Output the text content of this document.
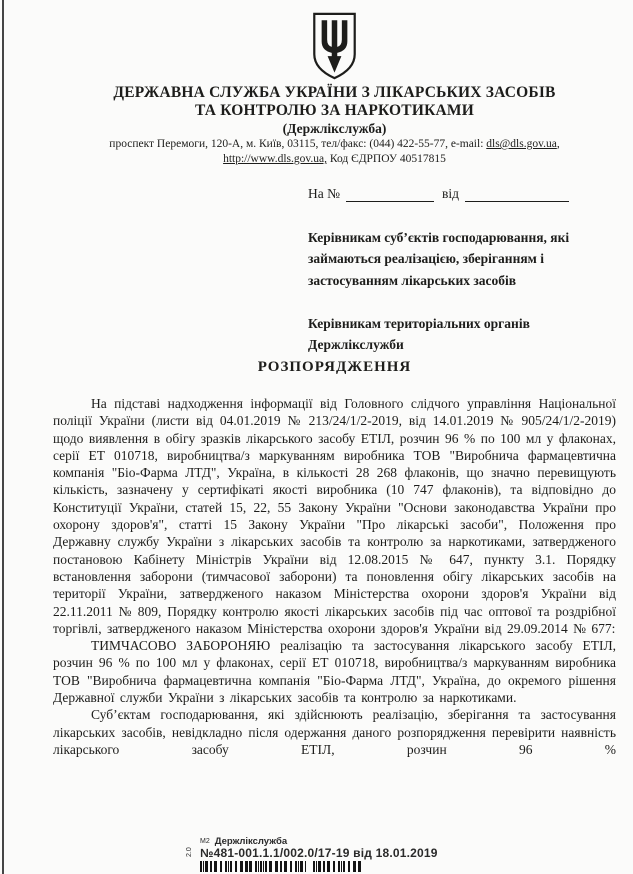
ДЕРЖАВНА СЛУЖБА УКРАЇНИ З ЛІКАРСЬКИХ ЗАСОБІВ
ТА КОНТРОЛЮ ЗА НАРКОТИКАМИ
(Держлікслужба)
проспект Перемоги, 120-А, м. Київ, 03115, тел/факс: (044) 422-55-77, e-mail: dls@dls.gov.ua,
http://www.dls.gov.ua, Код ЄДРПОУ 40517815
На №	від

Керівникам суб’єктів господарювання, які займаються реалізацією, зберіганням і застосуванням лікарських засобів

Керівникам територіальних органів Держлікслужби

РОЗПОРЯДЖЕННЯ

На підставі надходження інформації від Головного слідчого управління Національної поліції України (листи від 04.01.2019 № 213/24/1/2-2019, від 14.01.2019 № 905/24/1/2-2019) щодо виявлення в обігу зразків лікарського засобу ЕТІЛ, розчин 96 % по 100 мл у флаконах, серії ЕТ 010718, виробництва/з маркуванням виробника ТОВ "Виробнича фармацевтична компанія "Біо-Фарма ЛТД", Україна, в кількості 28 268 флаконів, що значно перевищують кількість, зазначену у сертифікаті якості виробника (10 747 флаконів), та відповідно до Конституції України, статей 15, 22, 55 Закону України "Основи законодавства України про охорону здоров'я", статті 15 Закону України "Про лікарські засоби", Положення про Державну службу України з лікарських засобів та контролю за наркотиками, затвердженого постановою Кабінету Міністрів України від 12.08.2015 № 647, пункту 3.1. Порядку встановлення заборони (тимчасової заборони) та поновлення обігу лікарських засобів на території України, затвердженого наказом Міністерства охорони здоров'я України від 22.11.2011 № 809, Порядку контролю якості лікарських засобів під час оптової та роздрібної торгівлі, затвердженого наказом Міністерства охорони здоров'я України від 29.09.2014 № 677:

ТИМЧАСОВО ЗАБОРОНЯЮ реалізацію та застосування лікарського засобу ЕТІЛ, розчин 96 % по 100 мл у флаконах, серії ЕТ 010718, виробництва/з маркуванням виробника ТОВ "Виробнича фармацевтична компанія "Біо-Фарма ЛТД", Україна, до окремого рішення Державної служби України з лікарських засобів та контролю за наркотиками.

Суб’єктам господарювання, які здійснюють реалізацію, зберігання та застосування лікарських засобів, невідкладно після одержання даного розпорядження перевірити наявність лікарського засобу ЕТІЛ, розчин 96 %

$^{М2}$ Держлікслужба
№481-001.1.1/002.0/17-19 від 18.01.2019
2.0
